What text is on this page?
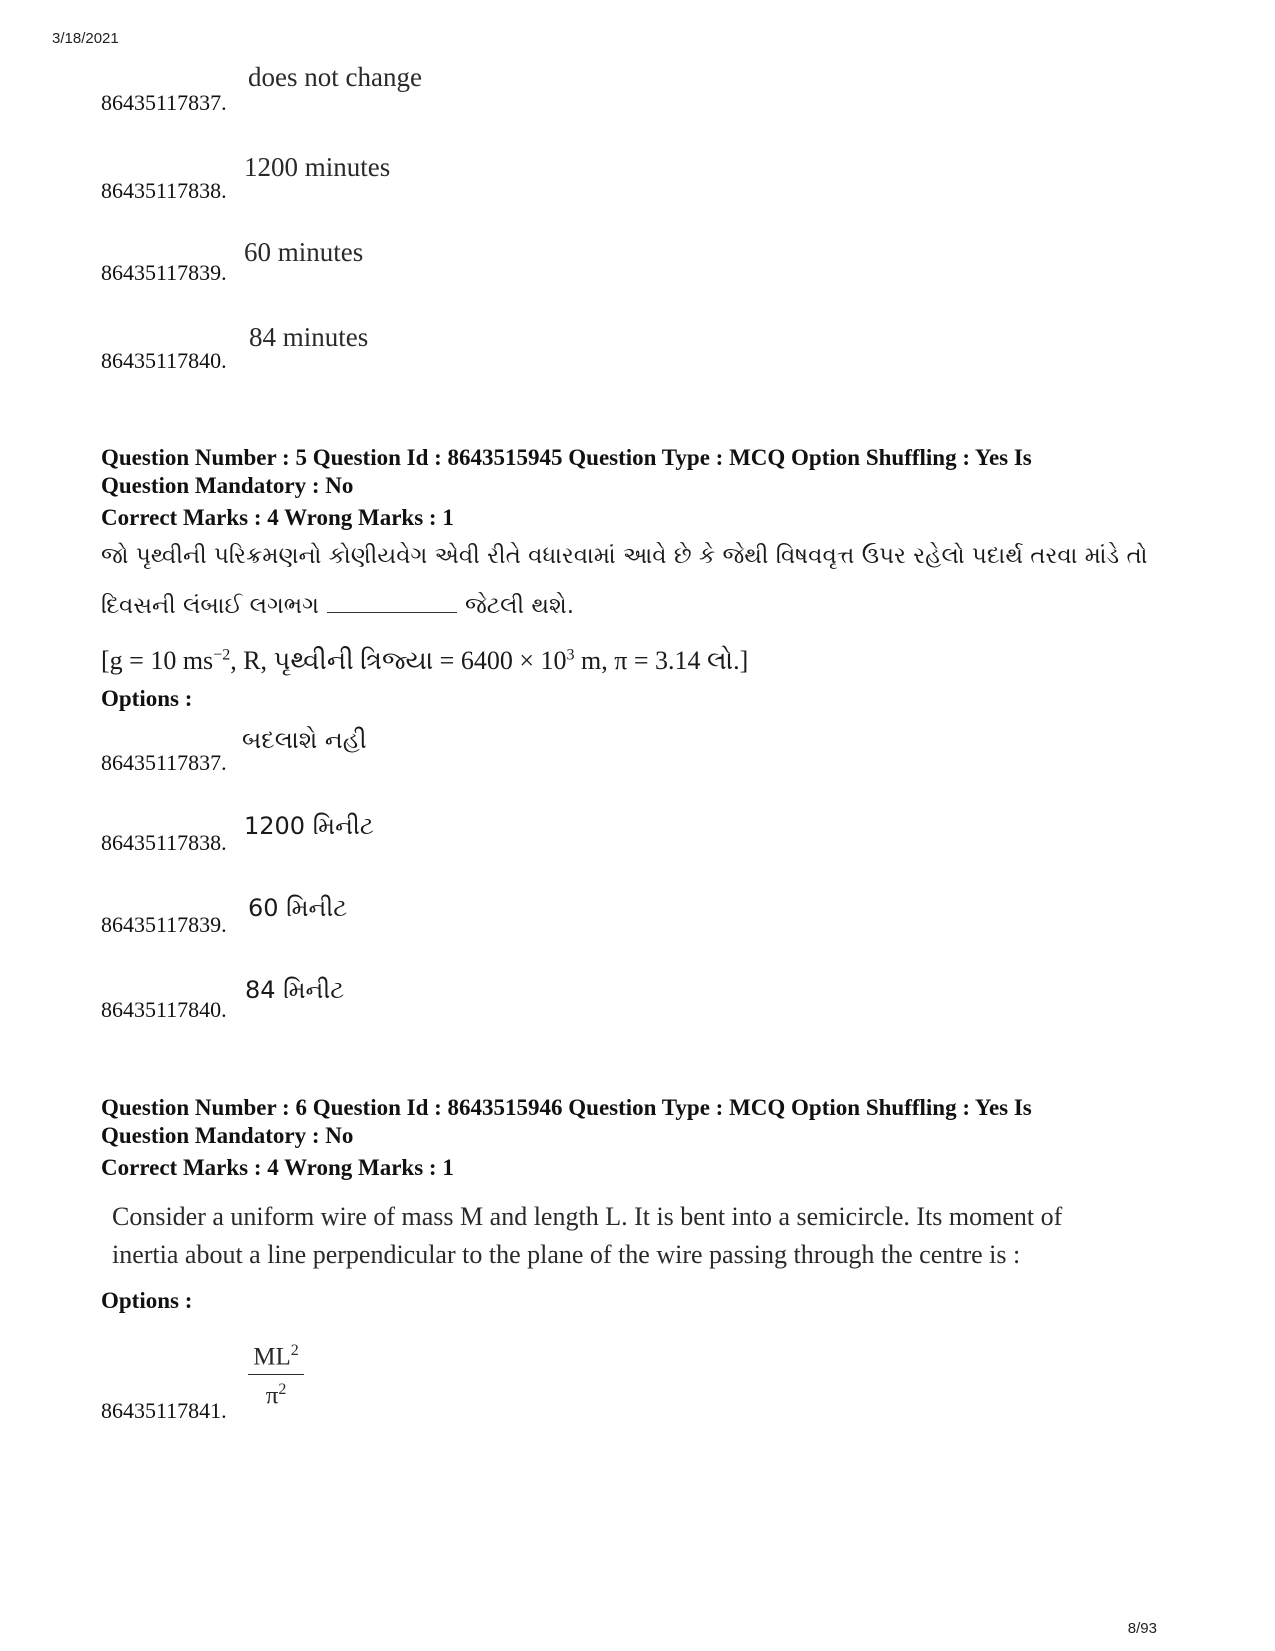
3/18/2021
does not change
86435117837.
1200 minutes
86435117838.
60 minutes
86435117839.
84 minutes
86435117840.
Question Number : 5 Question Id : 8643515945 Question Type : MCQ Option Shuffling : Yes Is
Question Mandatory : No
Correct Marks : 4 Wrong Marks : 1
જો પૃથ્વીની પરિક્રમણનો કોણીયવેગ એવી રીતે વધારવામાં આવે છે કે જેથી વિષવવૃત્ત ઉપર રહેલો પદાર્થ તરવા માંડે તો
દિવસની લંબાઈ લગભગ	જેટલી થશે.
[g = 10 $ms^{-2}$, R, પૃથ્વીની ત્રિજ્યા = $6400 \times 10^3$ m, π = 3.14 લો.]
Options :
બદલાશે નહી
86435117837.
1200 મિનીટ
86435117838.
60 મિનીટ
86435117839.
84 મિનીટ
86435117840.
Question Number : 6 Question Id : 8643515946 Question Type : MCQ Option Shuffling : Yes Is
Question Mandatory : No
Correct Marks : 4 Wrong Marks : 1
Consider a uniform wire of mass M and length L. It is bent into a semicircle. Its moment of
inertia about a line perpendicular to the plane of the wire passing through the centre is :
Options :
$ML^2$
$\pi^2$
86435117841.
8/93
